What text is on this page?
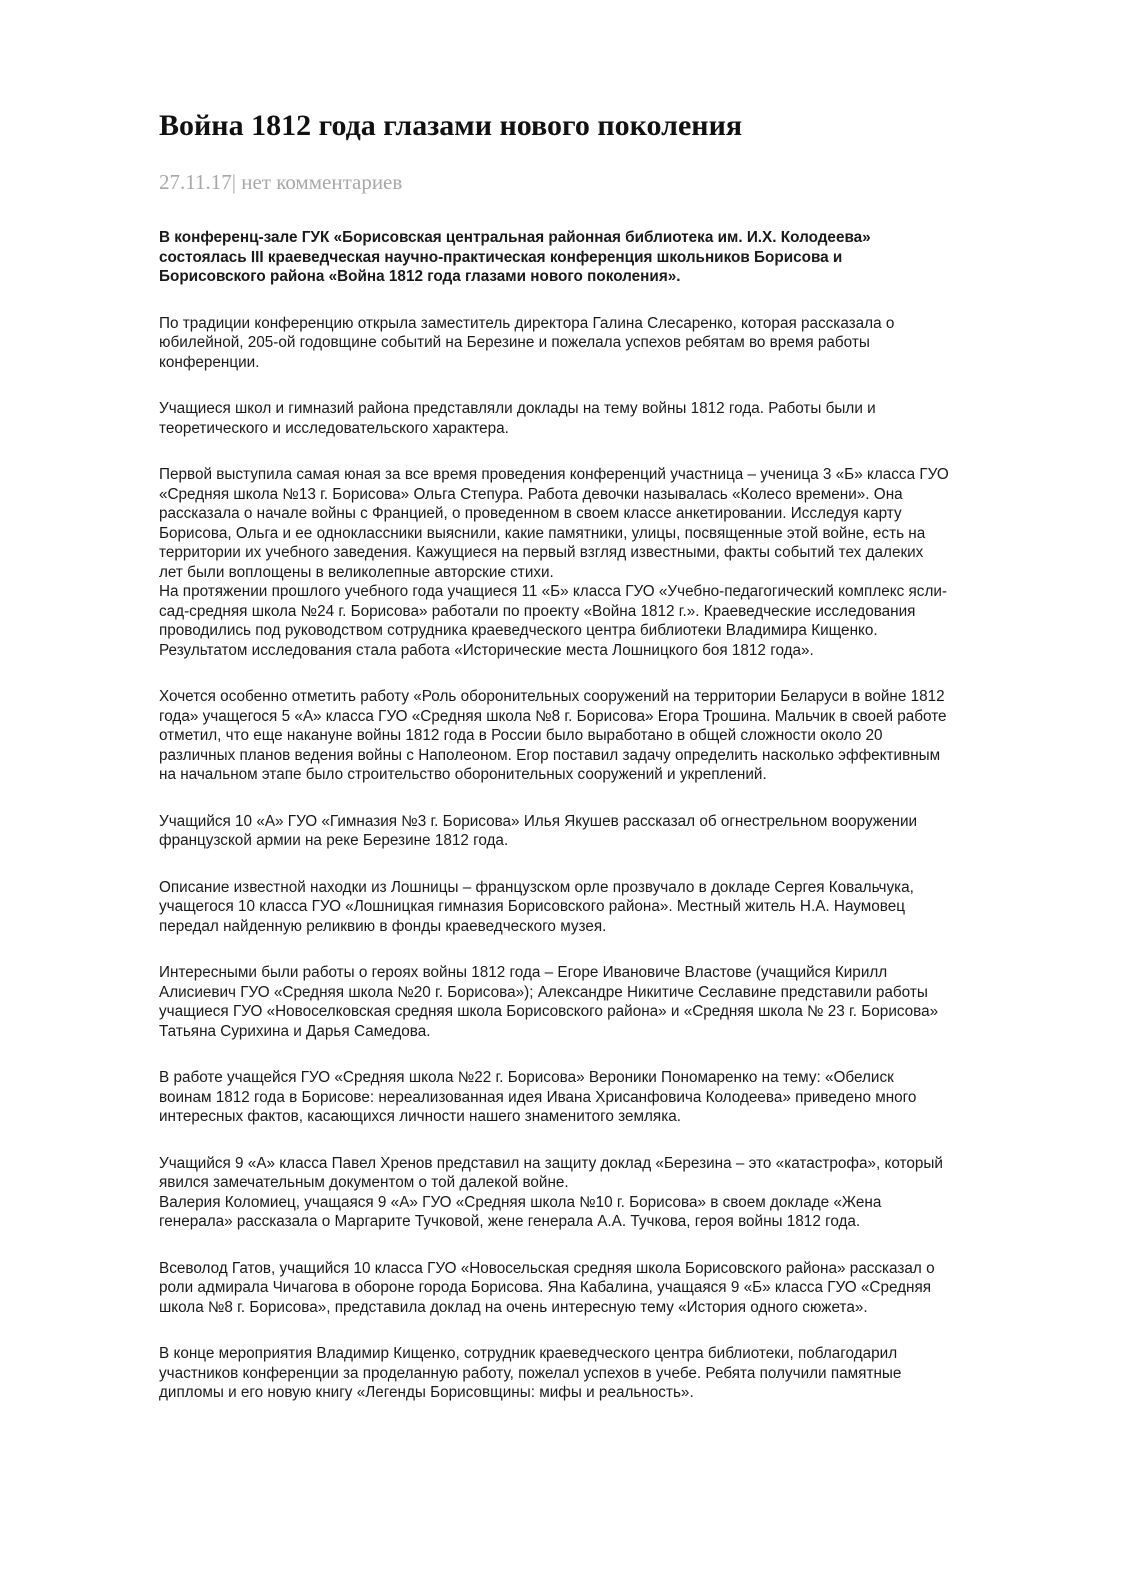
Война 1812 года глазами нового поколения
27.11.17| нет комментариев

В конференц-зале ГУК «Борисовская центральная районная библиотека им. И.Х. Колодеева»
состоялась III краеведческая научно-практическая конференция школьников Борисова и
Борисовского района «Война 1812 года глазами нового поколения».

По традиции конференцию открыла заместитель директора Галина Слесаренко, которая рассказала о
юбилейной, 205-ой годовщине событий на Березине и пожелала успехов ребятам во время работы
конференции.

Учащиеся школ и гимназий района представляли доклады на тему войны 1812 года. Работы были и
теоретического и исследовательского характера.

Первой выступила самая юная за все время проведения конференций участница – ученица 3 «Б» класса ГУО
«Средняя школа №13 г. Борисова» Ольга Степура. Работа девочки называлась «Колесо времени». Она
рассказала о начале войны с Францией, о проведенном в своем классе анкетировании. Исследуя карту
Борисова, Ольга и ее одноклассники выяснили, какие памятники, улицы, посвященные этой войне, есть на
территории их учебного заведения. Кажущиеся на первый взгляд известными, факты событий тех далеких
лет были воплощены в великолепные авторские стихи.
На протяжении прошлого учебного года учащиеся 11 «Б» класса ГУО «Учебно-педагогический комплекс ясли-
сад-средняя школа №24 г. Борисова» работали по проекту «Война 1812 г.». Краеведческие исследования
проводились под руководством сотрудника краеведческого центра библиотеки Владимира Кищенко.
Результатом исследования стала работа «Исторические места Лошницкого боя 1812 года».

Хочется особенно отметить работу «Роль оборонительных сооружений на территории Беларуси в войне 1812
года» учащегося 5 «А» класса ГУО «Средняя школа №8 г. Борисова» Егора Трошина. Мальчик в своей работе
отметил, что еще накануне войны 1812 года в России было выработано в общей сложности около 20
различных планов ведения войны с Наполеоном. Егор поставил задачу определить насколько эффективным
на начальном этапе было строительство оборонительных сооружений и укреплений.

Учащийся 10 «А» ГУО «Гимназия №3 г. Борисова» Илья Якушев рассказал об огнестрельном вооружении
французской армии на реке Березине 1812 года.

Описание известной находки из Лошницы – французском орле прозвучало в докладе Сергея Ковальчука,
учащегося 10 класса ГУО «Лошницкая гимназия Борисовского района». Местный житель Н.А. Наумовец
передал найденную реликвию в фонды краеведческого музея.

Интересными были работы о героях войны 1812 года – Егоре Ивановиче Властове (учащийся Кирилл
Алисиевич ГУО «Средняя школа №20 г. Борисова»); Александре Никитиче Сеславине представили работы
учащиеся ГУО «Новоселковская средняя школа Борисовского района» и «Средняя школа № 23 г. Борисова»
Татьяна Сурихина и Дарья Самедова.

В работе учащейся ГУО «Средняя школа №22 г. Борисова» Вероники Пономаренко на тему: «Обелиск
воинам 1812 года в Борисове: нереализованная идея Ивана Хрисанфовича Колодеева» приведено много
интересных фактов, касающихся личности нашего знаменитого земляка.

Учащийся 9 «А» класса Павел Хренов представил на защиту доклад «Березина – это «катастрофа», который
явился замечательным документом о той далекой войне.
Валерия Коломиец, учащаяся 9 «А» ГУО «Средняя школа №10 г. Борисова» в своем докладе «Жена
генерала» рассказала о Маргарите Тучковой, жене генерала А.А. Тучкова, героя войны 1812 года.

Всеволод Гатов, учащийся 10 класса ГУО «Новосельская средняя школа Борисовского района» рассказал о
роли адмирала Чичагова в обороне города Борисова. Яна Кабалина, учащаяся 9 «Б» класса ГУО «Средняя
школа №8 г. Борисова», представила доклад на очень интересную тему «История одного сюжета».

В конце мероприятия Владимир Кищенко, сотрудник краеведческого центра библиотеки, поблагодарил
участников конференции за проделанную работу, пожелал успехов в учебе. Ребята получили памятные
дипломы и его новую книгу «Легенды Борисовщины: мифы и реальность».
